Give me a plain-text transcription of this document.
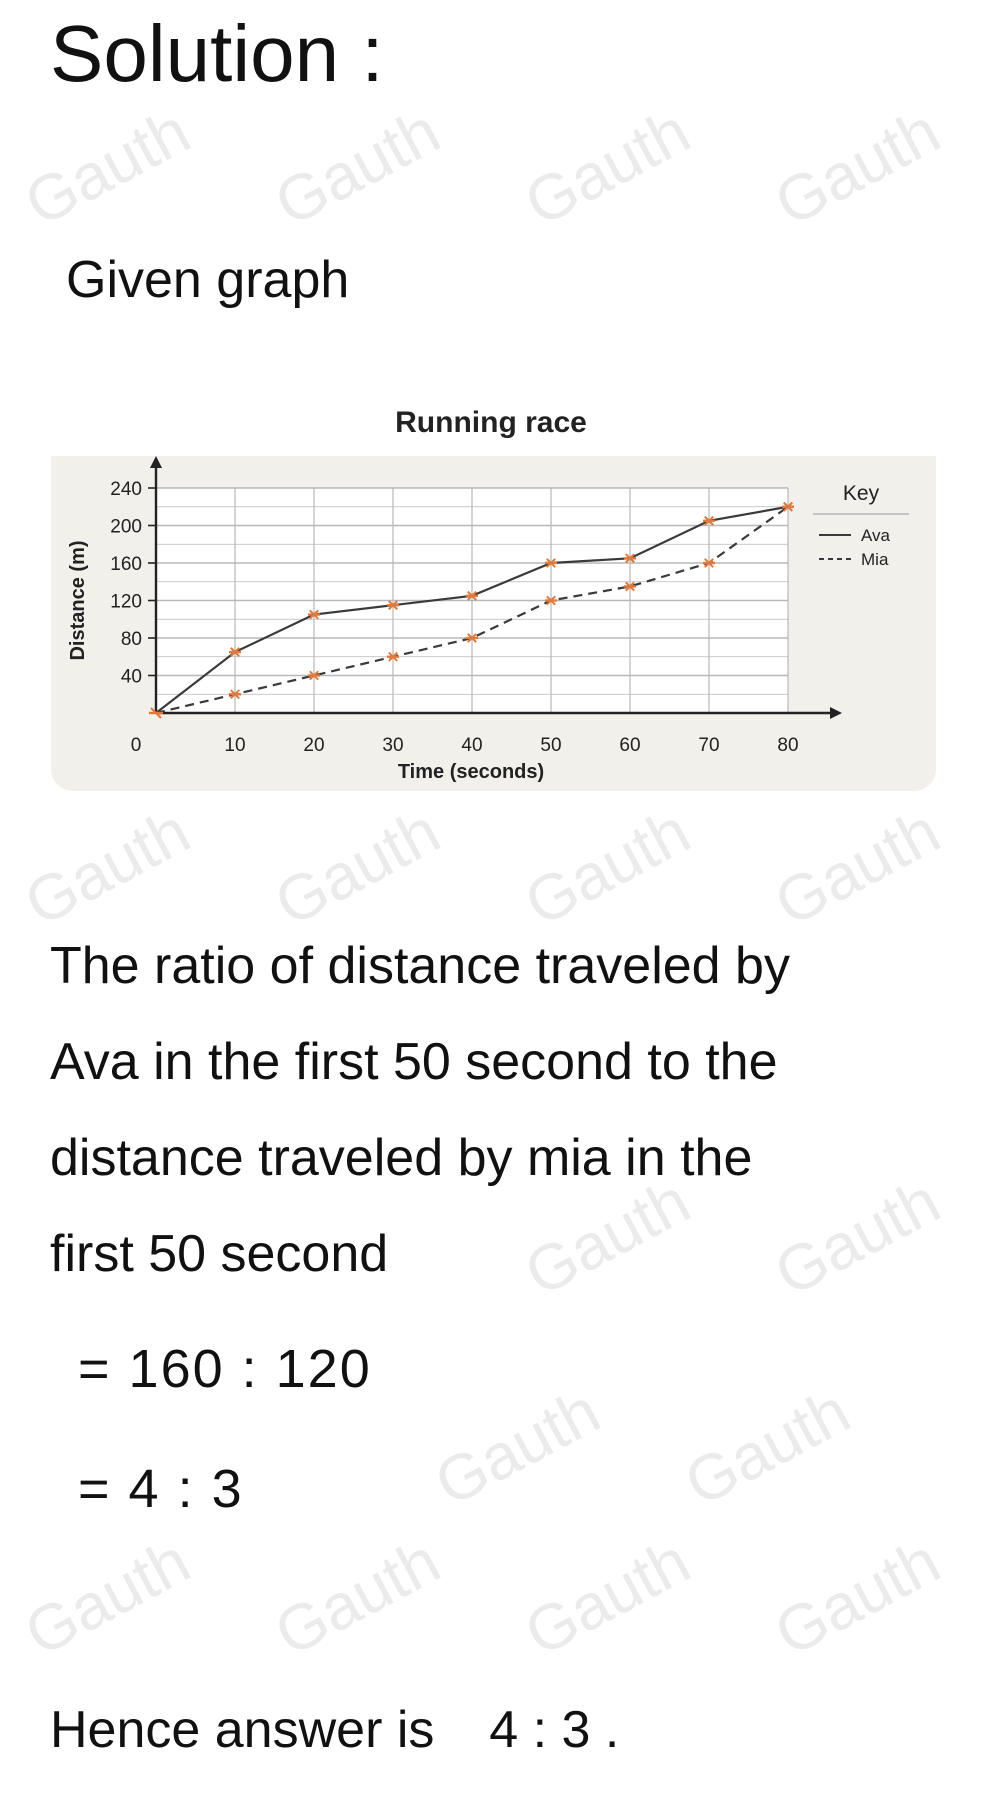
Gauth Gauth Gauth Gauth
Gauth Gauth Gauth Gauth
Gauth Gauth
Gauth Gauth
Gauth Gauth Gauth Gauth
Solution :
Given graph
Running race
40
80
120
160
200
240
0	10	20	30	40	50	60	70	80
Time (seconds)
Distance (m)
Key
Ava
Mia

The ratio of distance traveled by

Ava in the first 50 second to the

distance traveled by mia in the

first 50 second

= 160 : 120
= 4 : 3
Hence answer is 4 : 3 .
